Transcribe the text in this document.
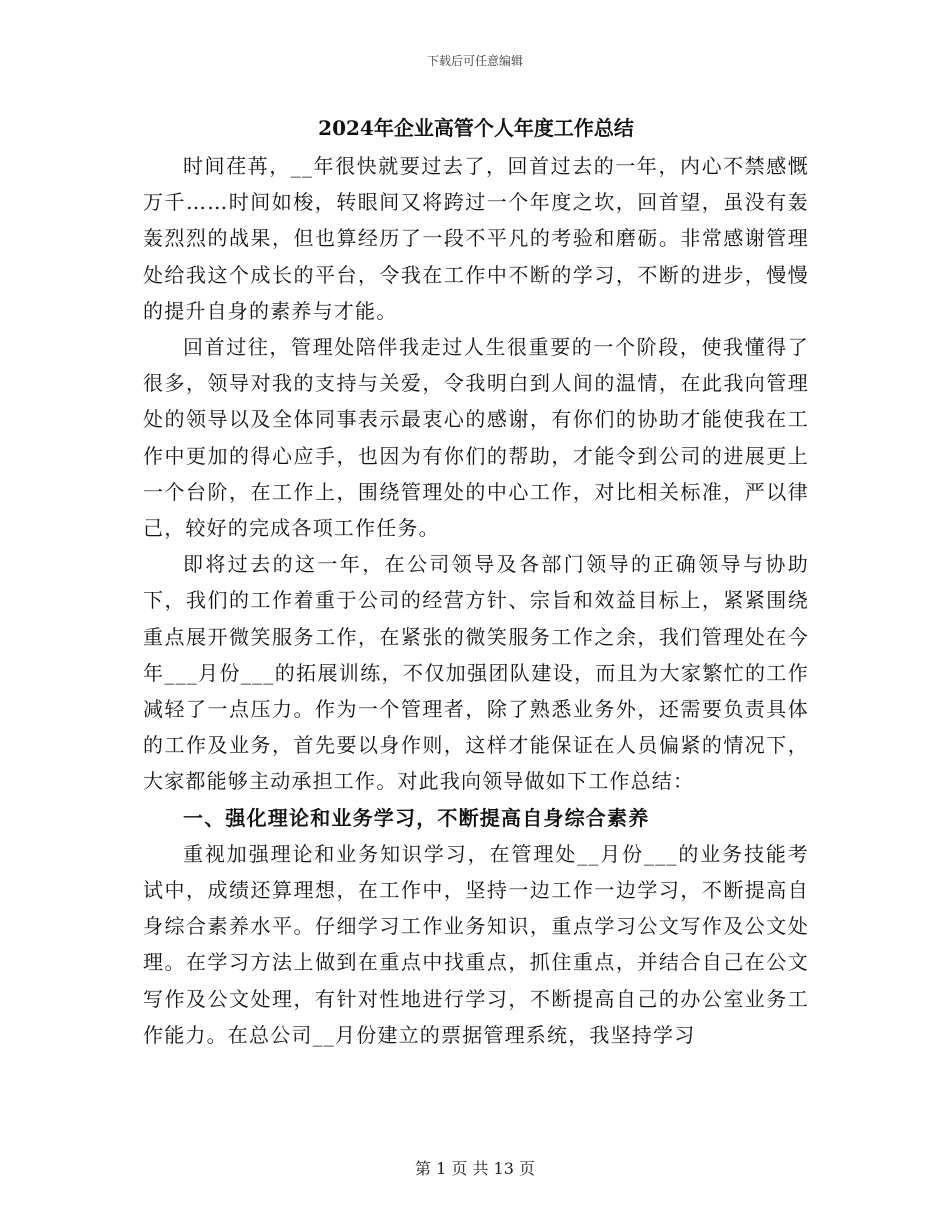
下载后可任意编辑
2024年企业高管个人年度工作总结

时间荏苒，__年很快就要过去了，回首过去的一年，内心不禁感慨万千……时间如梭，转眼间又将跨过一个年度之坎，回首望，虽没有轰轰烈烈的战果，但也算经历了一段不平凡的考验和磨砺。非常感谢管理处给我这个成长的平台，令我在工作中不断的学习，不断的进步，慢慢的提升自身的素养与才能。

回首过往，管理处陪伴我走过人生很重要的一个阶段，使我懂得了很多，领导对我的支持与关爱，令我明白到人间的温情，在此我向管理处的领导以及全体同事表示最衷心的感谢，有你们的协助才能使我在工作中更加的得心应手，也因为有你们的帮助，才能令到公司的进展更上一个台阶，在工作上，围绕管理处的中心工作，对比相关标准，严以律己，较好的完成各项工作任务。

即将过去的这一年，在公司领导及各部门领导的正确领导与协助下，我们的工作着重于公司的经营方针、宗旨和效益目标上，紧紧围绕重点展开微笑服务工作，在紧张的微笑服务工作之余，我们管理处在今年___月份___的拓展训练，不仅加强团队建设，而且为大家繁忙的工作减轻了一点压力。作为一个管理者，除了熟悉业务外，还需要负责具体的工作及业务，首先要以身作则，这样才能保证在人员偏紧的情况下，大家都能够主动承担工作。对此我向领导做如下工作总结：

一、强化理论和业务学习，不断提高自身综合素养

重视加强理论和业务知识学习，在管理处__月份___的业务技能考试中，成绩还算理想，在工作中，坚持一边工作一边学习，不断提高自身综合素养水平。仔细学习工作业务知识，重点学习公文写作及公文处理。在学习方法上做到在重点中找重点，抓住重点，并结合自己在公文写作及公文处理，有针对性地进行学习，不断提高自己的办公室业务工作能力。在总公司__月份建立的票据管理系统，我坚持学习

第 1 页 共 13 页
